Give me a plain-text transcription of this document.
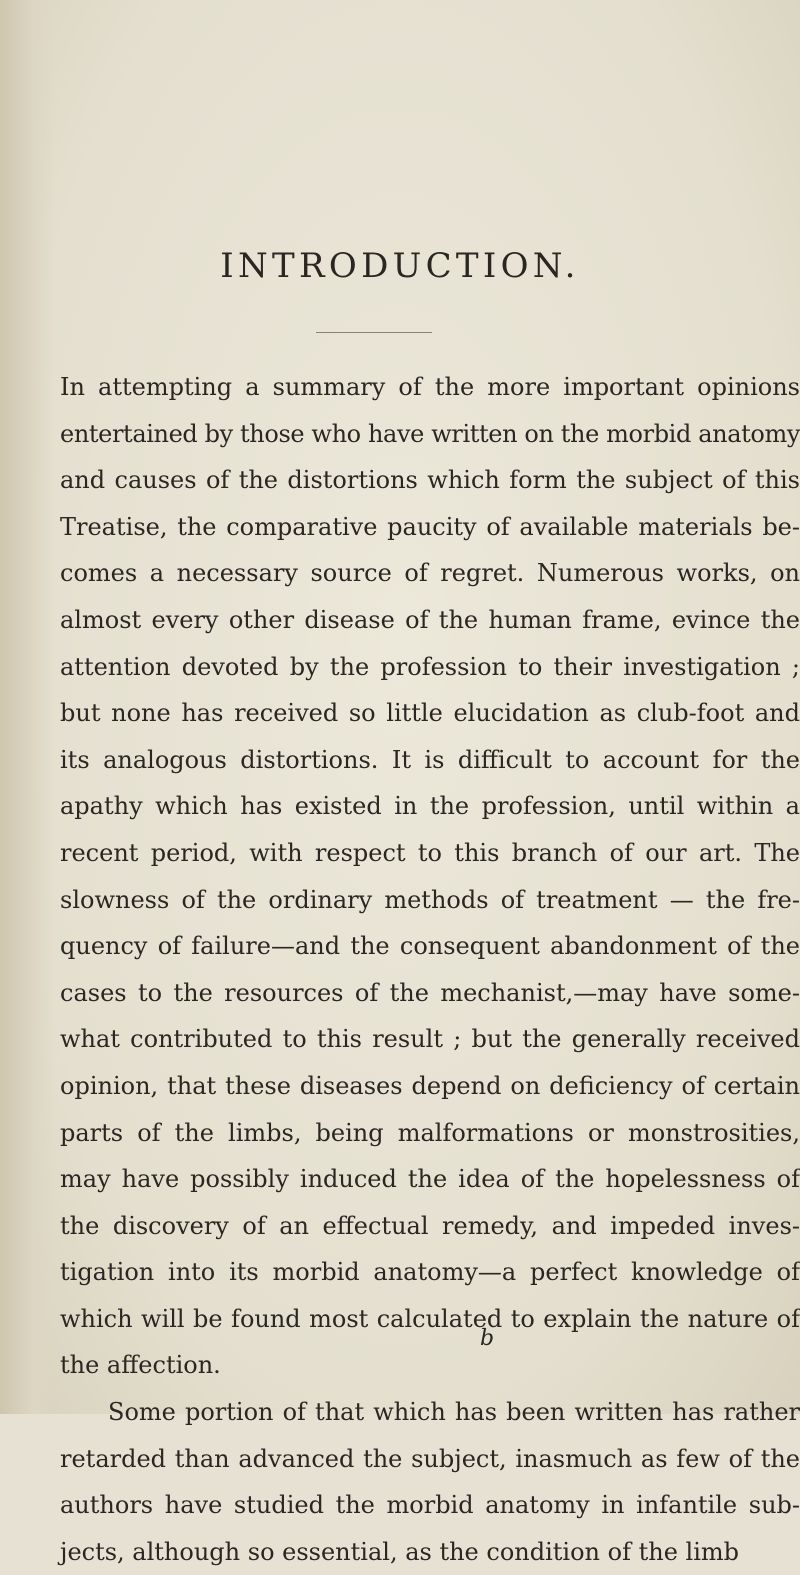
INTRODUCTION.
In attempting a summary of the more important opinions
entertained by those who have written on the morbid anatomy
and causes of the distortions which form the subject of this
Treatise, the comparative paucity of available materials be-
comes a necessary source of regret. Numerous works, on
almost every other disease of the human frame, evince the
attention devoted by the profession to their investigation ;
but none has received so little elucidation as club-foot and
its analogous distortions. It is difficult to account for the
apathy which has existed in the profession, until within a
recent period, with respect to this branch of our art. The
slowness of the ordinary methods of treatment — the fre-
quency of failure—and the consequent abandonment of the
cases to the resources of the mechanist,—may have some-
what contributed to this result ; but the generally received
opinion, that these diseases depend on deficiency of certain
parts of the limbs, being malformations or monstrosities,
may have possibly induced the idea of the hopelessness of
the discovery of an effectual remedy, and impeded inves-
tigation into its morbid anatomy—a perfect knowledge of
which will be found most calculated to explain the nature of
the affection.
Some portion of that which has been written has rather
retarded than advanced the subject, inasmuch as few of the
authors have studied the morbid anatomy in infantile sub-
jects, although so essential, as the condition of the limb
b
